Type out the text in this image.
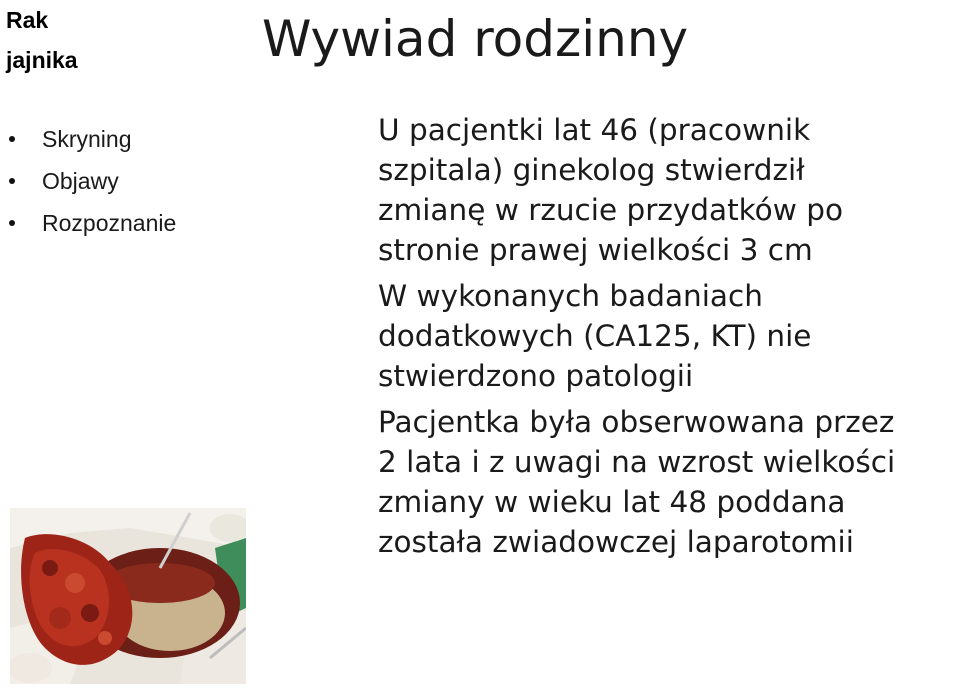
Rak
jajnika	Wywiad rodzinny
Skryning
Objawy
Rozpoznanie

U pacjentki lat 46 (pracownik
szpitala) ginekolog stwierdził
zmianę w rzucie przydatków po
stronie prawej wielkości 3 cm

W wykonanych badaniach
dodatkowych (CA125, KT) nie
stwierdzono patologii

Pacjentka była obserwowana przez
2 lata i z uwagi na wzrost wielkości
zmiany w wieku lat 48 poddana
została zwiadowczej laparotomii
